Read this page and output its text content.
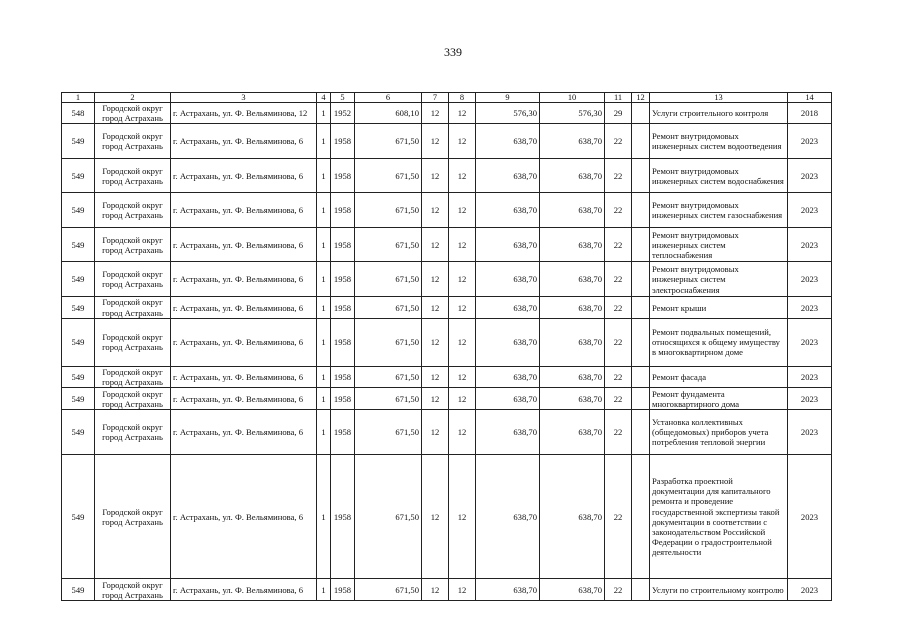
339
1	2	3	4	5	6	7	8	9	10	11	12	13	14
548	Городской округ город Астрахань	г. Астрахань, ул. Ф. Вельяминова, 12	1	1952	608,10	12	12	576,30	576,30	29		Услуги строительного контроля	2018
549	Городской округ город Астрахань	г. Астрахань, ул. Ф. Вельяминова, 6	1	1958	671,50	12	12	638,70	638,70	22		Ремонт внутридомовых инженерных систем водоотведения	2023
549	Городской округ город Астрахань	г. Астрахань, ул. Ф. Вельяминова, 6	1	1958	671,50	12	12	638,70	638,70	22		Ремонт внутридомовых инженерных систем водоснабжения	2023
549	Городской округ город Астрахань	г. Астрахань, ул. Ф. Вельяминова, 6	1	1958	671,50	12	12	638,70	638,70	22		Ремонт внутридомовых инженерных систем газоснабжения	2023
549	Городской округ город Астрахань	г. Астрахань, ул. Ф. Вельяминова, 6	1	1958	671,50	12	12	638,70	638,70	22		Ремонт внутридомовых инженерных систем теплоснабжения	2023
549	Городской округ город Астрахань	г. Астрахань, ул. Ф. Вельяминова, 6	1	1958	671,50	12	12	638,70	638,70	22		Ремонт внутридомовых инженерных систем электроснабжения	2023
549	Городской округ город Астрахань	г. Астрахань, ул. Ф. Вельяминова, 6	1	1958	671,50	12	12	638,70	638,70	22		Ремонт крыши	2023
549	Городской округ город Астрахань	г. Астрахань, ул. Ф. Вельяминова, 6	1	1958	671,50	12	12	638,70	638,70	22		Ремонт подвальных помещений, относящихся к общему имуществу в многоквартирном доме	2023
549	Городской округ город Астрахань	г. Астрахань, ул. Ф. Вельяминова, 6	1	1958	671,50	12	12	638,70	638,70	22		Ремонт фасада	2023
549	Городской округ город Астрахань	г. Астрахань, ул. Ф. Вельяминова, 6	1	1958	671,50	12	12	638,70	638,70	22		Ремонт фундамента многоквартирного дома	2023
549	Городской округ город Астрахань	г. Астрахань, ул. Ф. Вельяминова, 6	1	1958	671,50	12	12	638,70	638,70	22		Установка коллективных (общедомовых) приборов учета потребления тепловой энергии	2023
549	Городской округ город Астрахань	г. Астрахань, ул. Ф. Вельяминова, 6	1	1958	671,50	12	12	638,70	638,70	22		Разработка проектной документации для капитального ремонта и проведение государственной экспертизы такой документации в соответствии с законодательством Российской Федерации о градостроительной деятельности	2023
549	Городской округ город Астрахань	г. Астрахань, ул. Ф. Вельяминова, 6	1	1958	671,50	12	12	638,70	638,70	22		Услуги по строительному контролю	2023
